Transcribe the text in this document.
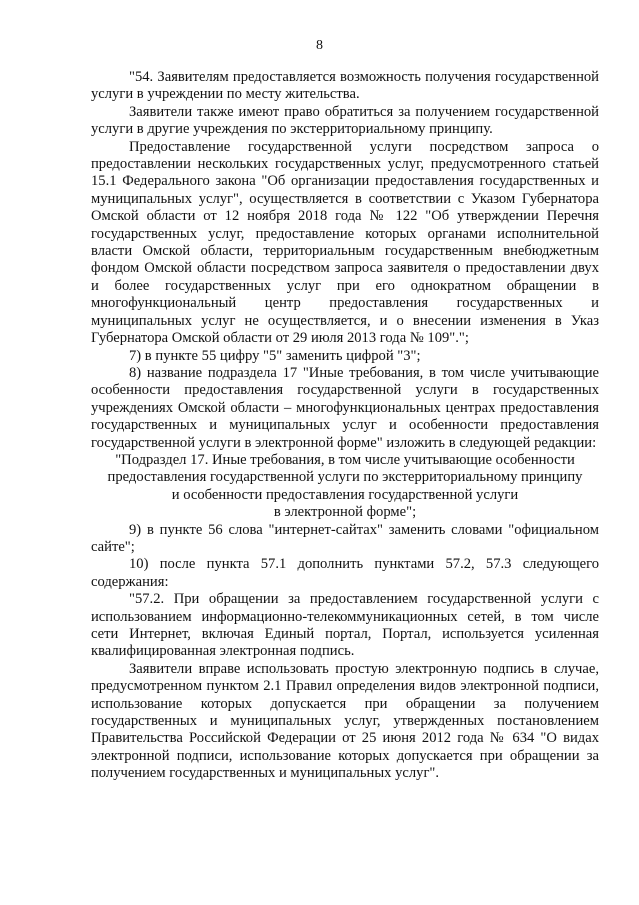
8

"54. Заявителям предоставляется возможность получения государственной услуги в учреждении по месту жительства.

Заявители также имеют право обратиться за получением государственной услуги в другие учреждения по экстерриториальному принципу.

Предоставление государственной услуги посредством запроса о предоставлении нескольких государственных услуг, предусмотренного статьей 15.1 Федерального закона "Об организации предоставления государственных и муниципальных услуг", осуществляется в соответствии с Указом Губернатора Омской области от 12 ноября 2018 года № 122 "Об утверждении Перечня государственных услуг, предоставление которых органами исполнительной власти Омской области, территориальным государственным внебюджетным фондом Омской области посредством запроса заявителя о предоставлении двух и более государственных услуг при его однократном обращении в многофункциональный центр предоставления государственных и муниципальных услуг не осуществляется, и о внесении изменения в Указ Губернатора Омской области от 29 июля 2013 года № 109".";

7) в пункте 55 цифру "5" заменить цифрой "3";

8) название подраздела 17 "Иные требования, в том числе учитывающие особенности предоставления государственной услуги в государственных учреждениях Омской области – многофункциональных центрах предоставления государственных и муниципальных услуг и особенности предоставления государственной услуги в электронной форме" изложить в следующей редакции:

"Подраздел 17. Иные требования, в том числе учитывающие особенности
предоставления государственной услуги по экстерриториальному принципу
и особенности предоставления государственной услуги
в электронной форме";

9) в пункте 56 слова "интернет-сайтах" заменить словами "официальном сайте";

10) после пункта 57.1 дополнить пунктами 57.2, 57.3 следующего содержания:

"57.2. При обращении за предоставлением государственной услуги с использованием информационно-телекоммуникационных сетей, в том числе сети Интернет, включая Единый портал, Портал, используется усиленная квалифицированная электронная подпись.

Заявители вправе использовать простую электронную подпись в случае, предусмотренном пунктом 2.1 Правил определения видов электронной подписи, использование которых допускается при обращении за получением государственных и муниципальных услуг, утвержденных постановлением Правительства Российской Федерации от 25 июня 2012 года № 634 "О видах электронной подписи, использование которых допускается при обращении за получением государственных и муниципальных услуг".
